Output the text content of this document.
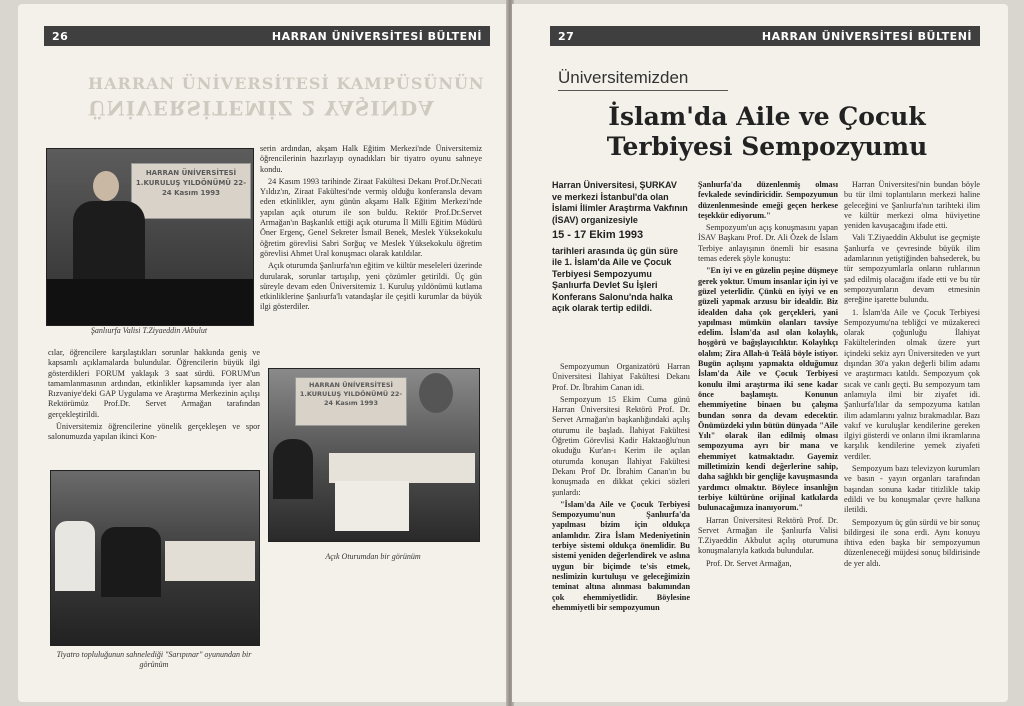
26	HARRAN ÜNİVERSİTESİ BÜLTENİ
HARRAN ÜNİVERSİTESİ KAMPÜSÜNÜN
ÜNİVERSİTEMİZ 2 YAŞINDA
HARRAN ÜNİVERSİTESİ 1.KURULUŞ YILDÖNÜMÜ 22-24 Kasım 1993
Şanlıurfa Valisi T.Ziyaeddin Akbulut

serin ardından, akşam Halk Eğitim Merkezi'nde Üniversitemiz öğrencilerinin hazırlayıp oynadıkları bir tiyatro oyunu sahneye kondu.

24 Kasım 1993 tarihinde Ziraat Fakültesi Dekanı Prof.Dr.Necati Yıldız'ın, Ziraat Fakültesi'nde vermiş olduğu konferansla devam eden etkinlikler, aynı günün akşamı Halk Eğitim Merkezi'nde yapılan açık oturum ile son buldu. Rektör Prof.Dr.Servet Armağan'ın Başkanlık ettiği açık oturuma İl Milli Eğitim Müdürü Öner Ergenç, Genel Sekreter İsmail Benek, Meslek Yüksekokulu öğretim görevlisi Sabri Sorğuç ve Meslek Yüksekokulu öğretim görevlisi Ahmet Ural konuşmacı olarak katıldılar.

Açık oturumda Şanlıurfa'nın eğitim ve kültür meseleleri üzerinde durularak, sorunlar tartışılıp, yeni çözümler getirildi. Üç gün süreyle devam eden Üniversitemiz 1. Kuruluş yıldönümü kutlama etkinliklerine Şanlıurfa'lı vatandaşlar ile çeşitli kurumlar da büyük ilgi gösterdiler.

cılar, öğrencilere karşılaştıkları sorunlar hakkında geniş ve kapsamlı açıklamalarda bulundular. Öğrencilerin büyük ilgi gösterdikleri FORUM yaklaşık 3 saat sürdü. FORUM'un tamamlanmasının ardından, etkinlikler kapsamında iyer alan Rızvaniye'deki GAP Uygulama ve Araştırma Merkezinin açılışı Rektörümüz Prof.Dr. Servet Armağan tarafından gerçekleştirildi.

Üniversitemiz öğrencilerine yönelik gerçekleşen ve spor salonumuzda yapılan ikinci Kon-

HARRAN ÜNİVERSİTESİ 1.KURULUŞ YILDÖNÜMÜ 22-24 Kasım 1993
Açık Oturumdan bir görünüm
Tiyatro topluluğunun sahnelediği "Sarıpınar" oyunundan bir görünüm
27	HARRAN ÜNİVERSİTESİ BÜLTENİ
Üniversitemizden
İslam'da Aile ve Çocuk Terbiyesi Sempozyumu
Harran Üniversitesi, ŞURKAV ve merkezi İstanbul'da olan İslami İlimler Araştırma Vakfının (İSAV) organizesiyle
15 - 17 Ekim 1993
tarihleri arasında üç gün süre ile 1. İslam'da Aile ve Çocuk Terbiyesi Sempozyumu Şanlıurfa Devlet Su İşleri Konferans Salonu'nda halka açık olarak tertip edildi.

Sempozyumun Organizatörü Harran Üniversitesi İlahiyat Fakültesi Dekanı Prof. Dr. İbrahim Canan idi.

Sempozyum 15 Ekim Cuma günü Harran Üniversitesi Rektörü Prof. Dr. Servet Armağan'ın başkanlığındaki açılış oturumu ile başladı. İlahiyat Fakültesi Öğretim Görevlisi Kadir Haktaoğlu'nun okuduğu Kur'an-ı Kerim ile açılan oturumda konuşan İlahiyat Fakültesi Dekanı Prof Dr. İbrahim Canan'ın bu konuşmada en dikkat çekici sözleri şunlardı:

"İslam'da Aile ve Çocuk Terbiyesi Sempozyumu'nun Şanlıurfa'da yapılması bizim için oldukça anlamlıdır. Zira İslam Medeniyetinin terbiye sistemi oldukça önemlidir. Bu sistemi yeniden değerlendirek ve aslına uygun bir biçimde te'sis etmek, neslimizin kurtuluşu ve geleceğimizin teminat altına alınması bakımından çok ehemmiyetlidir. Böylesine ehemmiyetli bir sempozyumun

Şanlıurfa'da düzenlenmiş olması fevkalede sevindiricidir. Sempozyumun düzenlenmesinde emeği geçen herkese teşekkür ediyorum."

Sempozyum'un açış konuşmasını yapan İSAV Başkanı Prof. Dr. Ali Özek de İslam Terbiye anlayışının önemli bir esasına temas ederek şöyle konuştu:

"En iyi ve en güzelin peşine düşmeye gerek yoktur. Umum insanlar için iyi ve güzel yeterlidir. Çünkü en iyiyi ve en güzeli yapmak arzusu bir idealdir. Biz idealden daha çok gerçekleri, yani yapılması mümkün olanları tavsiye edelim. İslam'da asıl olan kolaylık, hoşgörü ve bağışlayıcılıktır. Kolaylıkçı olalım; Zira Allah-ü Teâlâ böyle istiyor. Bugün açılışını yapmakta olduğumuz İslam'da Aile ve Çocuk Terbiyesi konulu ilmi araştırma iki sene kadar önce başlamıştı. Konunun ehemmiyetine binaen bu çalışma bundan sonra da devam edecektir. Önümüzdeki yılın bütün dünyada "Aile Yılı" olarak ilan edilmiş olması sempozyuma ayrı bir mana ve ehemmiyet katmaktadır. Gayemiz milletimizin kendi değerlerine sahip, daha sağlıklı bir gençliğe kavuşmasında yardımcı olmaktır. Böylece insanlığın terbiye kültürüne orijinal katkılarda bulunacağımıza inanıyorum."

Harran Üniversitesi Rektörü Prof. Dr. Servet Armağan ile Şanlıurfa Valisi T.Ziyaeddin Akbulut açılış oturumuna konuşmalarıyla katkıda bulundular.

Prof. Dr. Servet Armağan,

Harran Üniversitesi'nin bundan böyle bu tür ilmi toplantıların merkezi haline geleceğini ve Şanlıurfa'nın tarihteki ilim ve kültür merkezi olma hüviyetine yeniden kavuşacağını ifade etti.

Vali T.Ziyaeddin Akbulut ise geçmişte Şanlıurfa ve çevresinde büyük ilim adamlarının yetiştiğinden bahsederek, bu tür sempozyumlarla onların ruhlarının şad edilmiş olacağını ifade etti ve bu tür sempozyumların devam etmesinin gereğine işarette bulundu.

1. İslam'da Aile ve Çocuk Terbiyesi Sempozyumu'na tebliğci ve müzakereci olarak çoğunluğu İlahiyat Fakültelerinden olmak üzere yurt içindeki sekiz ayrı Üniversiteden ve yurt dışından 30'a yakın değerli bilim adamı ve araştırmacı katıldı. Sempozyum çok sıcak ve canlı geçti. Bu sempozyum tam anlamıyla ilmi bir ziyafet idi. Şanlıurfa'lılar da sempozyuma katılan ilim adamlarını yalnız bırakmadılar. Bazı vakıf ve kuruluşlar kendilerine gereken ilgiyi gösterdi ve onların ilmi ikramlarına karşılık kendilerine yemek ziyafeti verdiler.

Sempozyum bazı televizyon kurumları ve basın - yayın organları tarafından başından sonuna kadar titizlikle takip edildi ve bu konuşmalar çevre halkına iletildi.

Sempozyum üç gün sürdü ve bir sonuç bildirgesi ile sona erdi. Aynı konuyu ihtiva eden başka bir sempozyumun düzenleneceği müjdesi sonuç bildirisinde de yer aldı.
